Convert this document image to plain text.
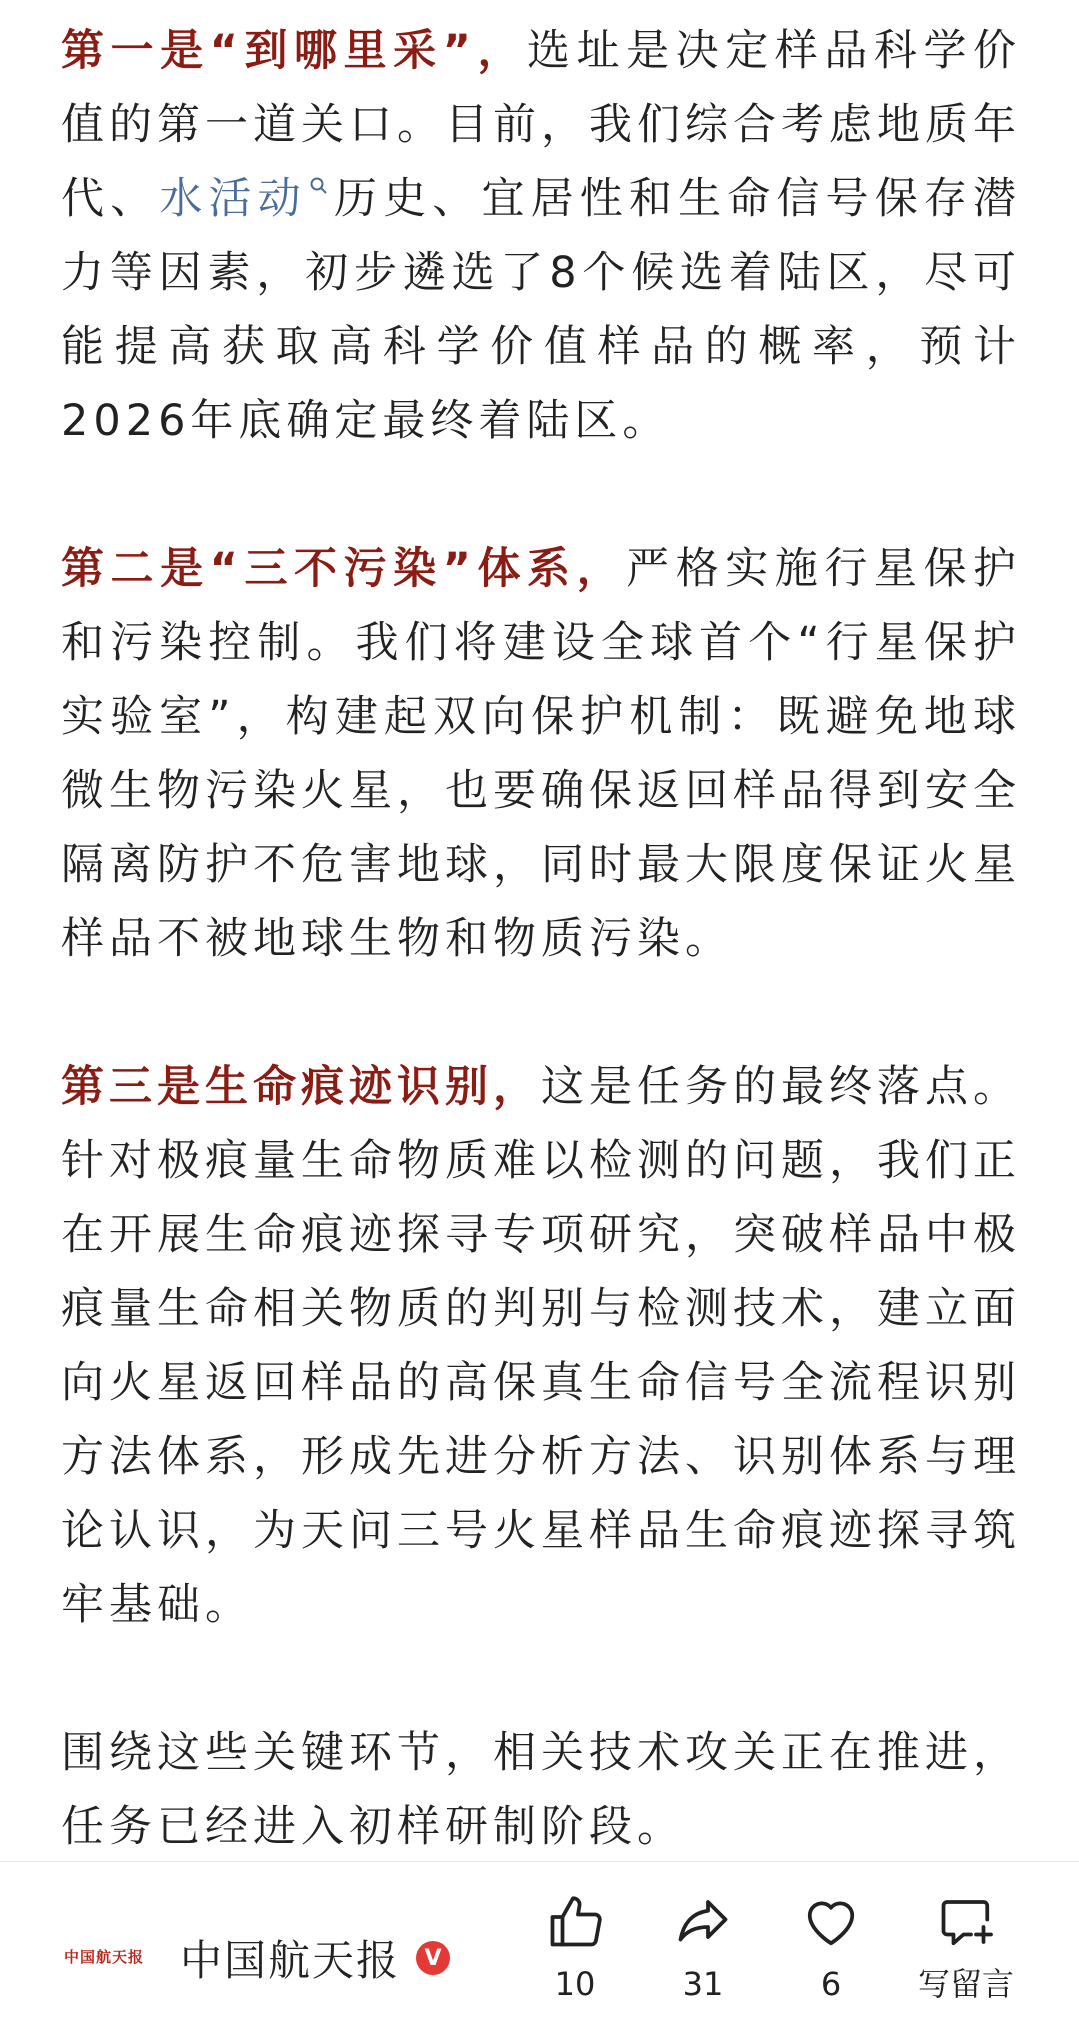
第一是“到哪里采”，选址是决定样品科学价值的第一道关口。目前，我们综合考虑地质年代、水活动 历史、宜居性和生命信号保存潜力等因素，初步遴选了8个候选着陆区，尽可能提高获取高科学价值样品的概率，预计2026年底确定最终着陆区。

第二是“三不污染”体系，严格实施行星保护和污染控制。我们将建设全球首个“行星保护实验室”，构建起双向保护机制：既避免地球微生物污染火星，也要确保返回样品得到安全隔离防护不危害地球，同时最大限度保证火星样品不被地球生物和物质污染。

第三是生命痕迹识别，这是任务的最终落点。针对极痕量生命物质难以检测的问题，我们正在开展生命痕迹探寻专项研究，突破样品中极痕量生命相关物质的判别与检测技术，建立面向火星返回样品的高保真生命信号全流程识别方法体系，形成先进分析方法、识别体系与理论认识，为天问三号火星样品生命痕迹探寻筑牢基础。

围绕这些关键环节，相关技术攻关正在推进，任务已经进入初样研制阶段。

中国航天报 中国航天报	V
10	31	6	写留言
